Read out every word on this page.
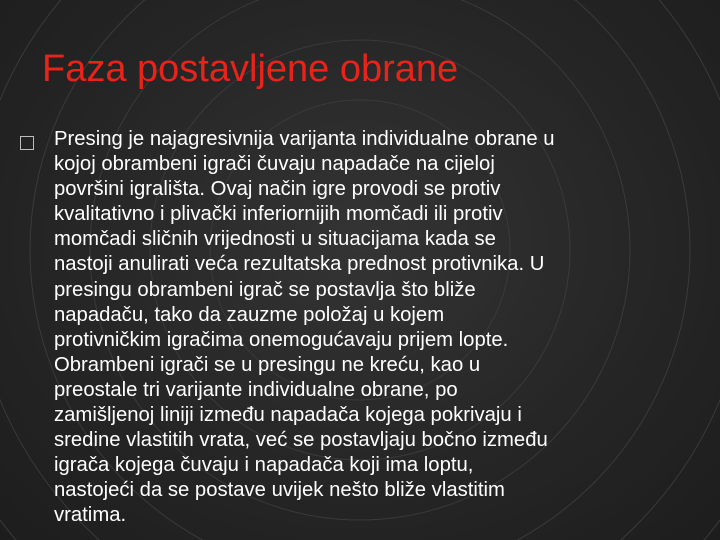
Faza postavljene obrane
Presing je najagresivnija varijanta individualne obrane u
kojoj obrambeni igrači čuvaju napadače na cijeloj
površini igrališta. Ovaj način igre provodi se protiv
kvalitativno i plivački inferiornijih momčadi ili protiv
momčadi sličnih vrijednosti u situacijama kada se
nastoji anulirati veća rezultatska prednost protivnika. U
presingu obrambeni igrač se postavlja što bliže
napadaču, tako da zauzme položaj u kojem
protivničkim igračima onemogućavaju prijem lopte.
Obrambeni igrači se u presingu ne kreću, kao u
preostale tri varijante individualne obrane, po
zamišljenoj liniji između napadača kojega pokrivaju i
sredine vlastitih vrata, već se postavljaju bočno između
igrača kojega čuvaju i napadača koji ima loptu,
nastojeći da se postave uvijek nešto bliže vlastitim
vratima.
